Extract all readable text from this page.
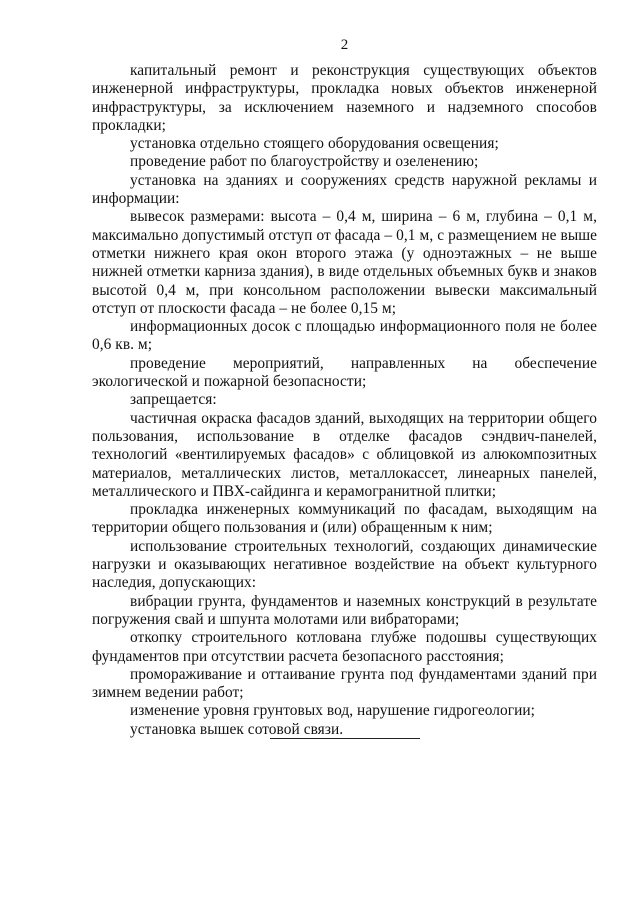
2

капитальный ремонт и реконструкция существующих объектов инженерной инфраструктуры, прокладка новых объектов инженерной инфраструктуры, за исключением наземного и надземного способов прокладки;

установка отдельно стоящего оборудования освещения;

проведение работ по благоустройству и озеленению;

установка на зданиях и сооружениях средств наружной рекламы и информации:

вывесок размерами: высота – 0,4 м, ширина – 6 м, глубина – 0,1 м, максимально допустимый отступ от фасада – 0,1 м, с размещением не выше отметки нижнего края окон второго этажа (у одноэтажных – не выше нижней отметки карниза здания), в виде отдельных объемных букв и знаков высотой 0,4 м, при консольном расположении вывески максимальный отступ от плоскости фасада – не более 0,15 м;

информационных досок с площадью информационного поля не более 0,6 кв. м;

проведение мероприятий, направленных на обеспечение экологической и пожарной безопасности;

запрещается:

частичная окраска фасадов зданий, выходящих на территории общего пользования, использование в отделке фасадов сэндвич-панелей, технологий «вентилируемых фасадов» с облицовкой из алюкомпозитных материалов, металлических листов, металлокассет, линеарных панелей, металлического и ПВХ-сайдинга и керамогранитной плитки;

прокладка инженерных коммуникаций по фасадам, выходящим на территории общего пользования и (или) обращенным к ним;

использование строительных технологий, создающих динамические нагрузки и оказывающих негативное воздействие на объект культурного наследия, допускающих:

вибрации грунта, фундаментов и наземных конструкций в результате погружения свай и шпунта молотами или вибраторами;

откопку строительного котлована глубже подошвы существующих фундаментов при отсутствии расчета безопасного расстояния;

промораживание и оттаивание грунта под фундаментами зданий при зимнем ведении работ;

изменение уровня грунтовых вод, нарушение гидрогеологии;

установка вышек сотовой связи.
